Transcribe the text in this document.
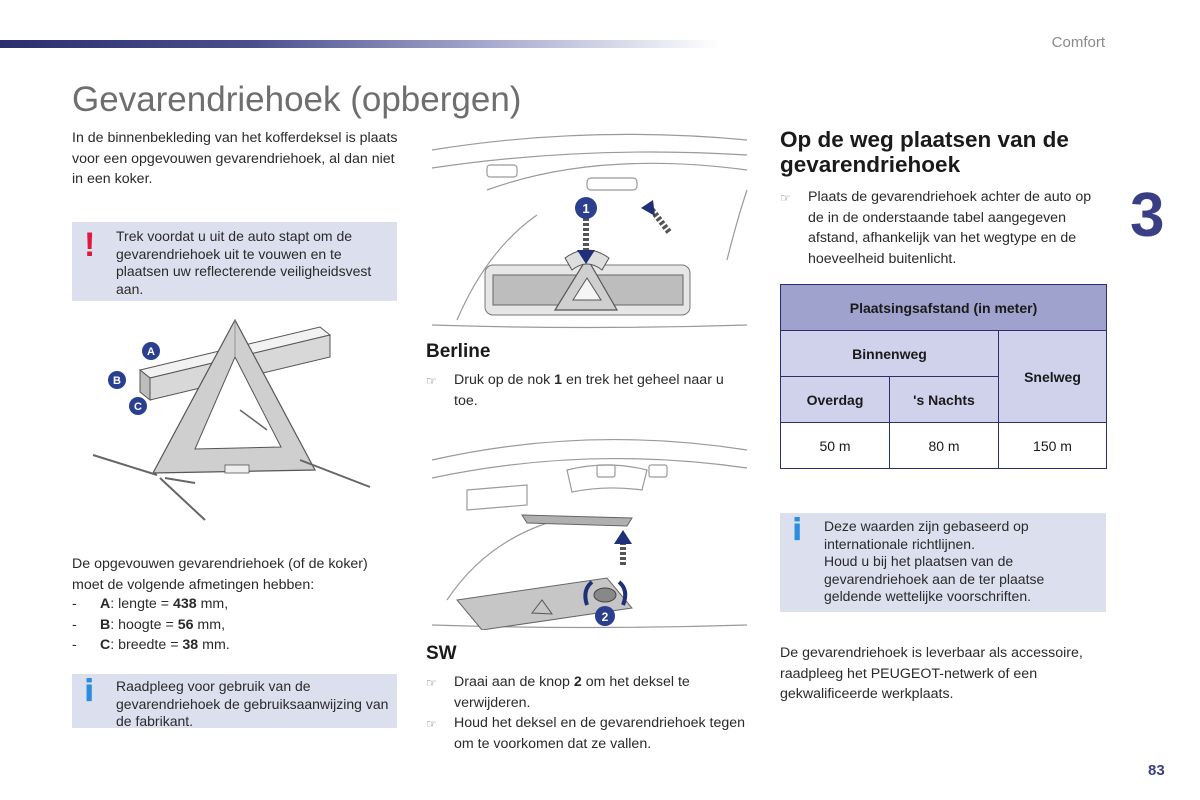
Comfort
3
83
Gevarendriehoek (opbergen)

In de binnenbekleding van het kofferdeksel is plaats voor een opgevouwen gevarendriehoek, al dan niet in een koker.

! Trek voordat u uit de auto stapt om de gevarendriehoek uit te vouwen en te plaatsen uw reflecterende veiligheidsvest aan.
A
B
C

De opgevouwen gevarendriehoek (of de koker) moet de volgende afmetingen hebben:

-	A: lengte = 438 mm,
-	B: hoogte = 56 mm,
-	C: breedte = 38 mm.
i Raadpleeg voor gebruik van de gevarendriehoek de gebruiksaanwijzing van de fabrikant.
1
Berline
☞	Druk op de nok 1 en trek het geheel naar u toe.
2
SW
☞	Draai aan de knop 2 om het deksel te verwijderen.
☞	Houd het deksel en de gevarendriehoek tegen om te voorkomen dat ze vallen.
Op de weg plaatsen van de gevarendriehoek
☞	Plaats de gevarendriehoek achter de auto op de in de onderstaande tabel aangegeven afstand, afhankelijk van het wegtype en de hoeveelheid buitenlicht.
Plaatsingsafstand (in meter)		
Binnenweg		Snelweg
Overdag	's Nachts	
50 m	80 m	150 m
i Deze waarden zijn gebaseerd op internationale richtlijnen.
Houd u bij het plaatsen van de gevarendriehoek aan de ter plaatse geldende wettelijke voorschriften.

De gevarendriehoek is leverbaar als accessoire, raadpleeg het PEUGEOT-netwerk of een gekwalificeerde werkplaats.
